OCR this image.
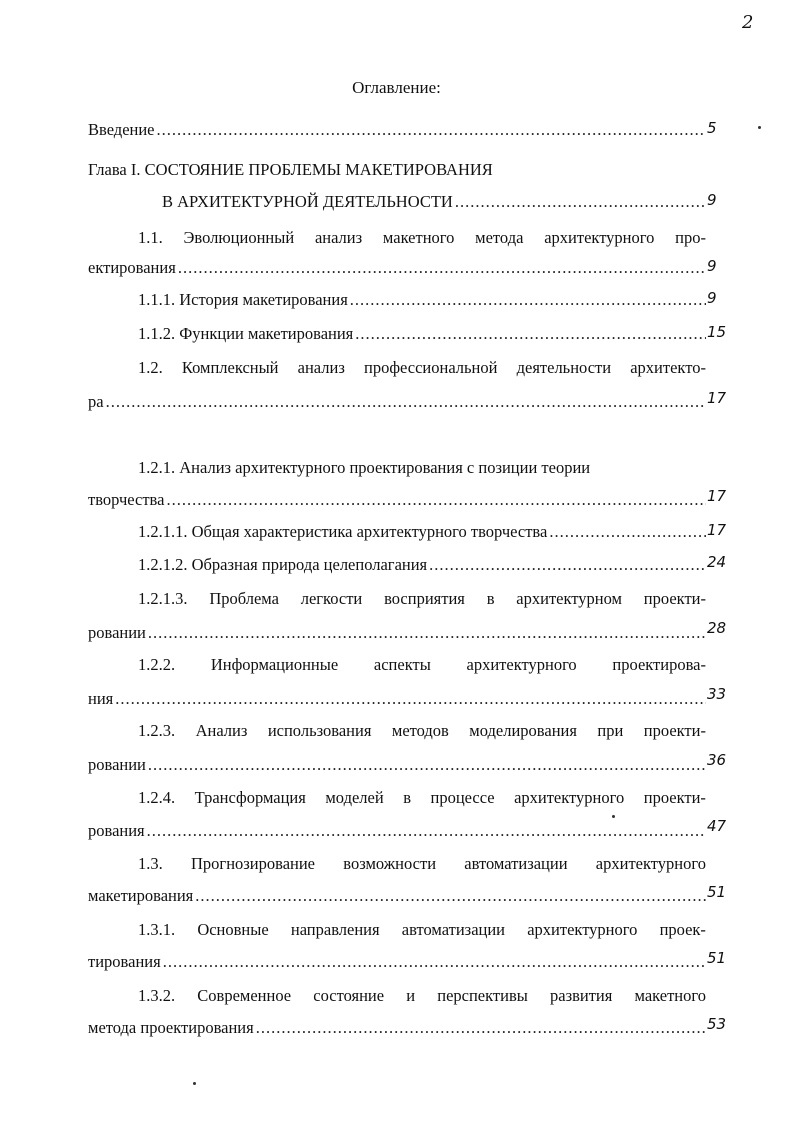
2
Оглавление:
Введение .....	5
Глава I. СОСТОЯНИЕ ПРОБЛЕМЫ МАКЕТИРОВАНИЯ
В АРХИТЕКТУРНОЙ ДЕЯТЕЛЬНОСТИ .....	9
1.1. Эволюционный анализ макетного метода архитектурного про-
ектирования .....	9
1.1.1. История макетирования .....	9
1.1.2. Функции макетирования .....	15
1.2. Комплексный анализ профессиональной деятельности архитекто-
ра .....	17
1.2.1. Анализ архитектурного проектирования с позиции теории
творчества .....	17
1.2.1.1. Общая характеристика архитектурного творчества .....	17
1.2.1.2. Образная природа целеполагания .....	24
1.2.1.3. Проблема легкости восприятия в архитектурном проекти-
ровании .....	28
1.2.2. Информационные аспекты архитектурного проектирова-
ния .....	33
1.2.3. Анализ использования методов моделирования при проекти-
ровании .....	36
1.2.4. Трансформация моделей в процессе архитектурного проекти-
рования .....	47
1.3. Прогнозирование возможности автоматизации архитектурного
макетирования .....	51
1.3.1. Основные направления автоматизации архитектурного проек-
тирования .....	51
1.3.2. Современное состояние и перспективы развития макетного
метода проектирования .....	53
